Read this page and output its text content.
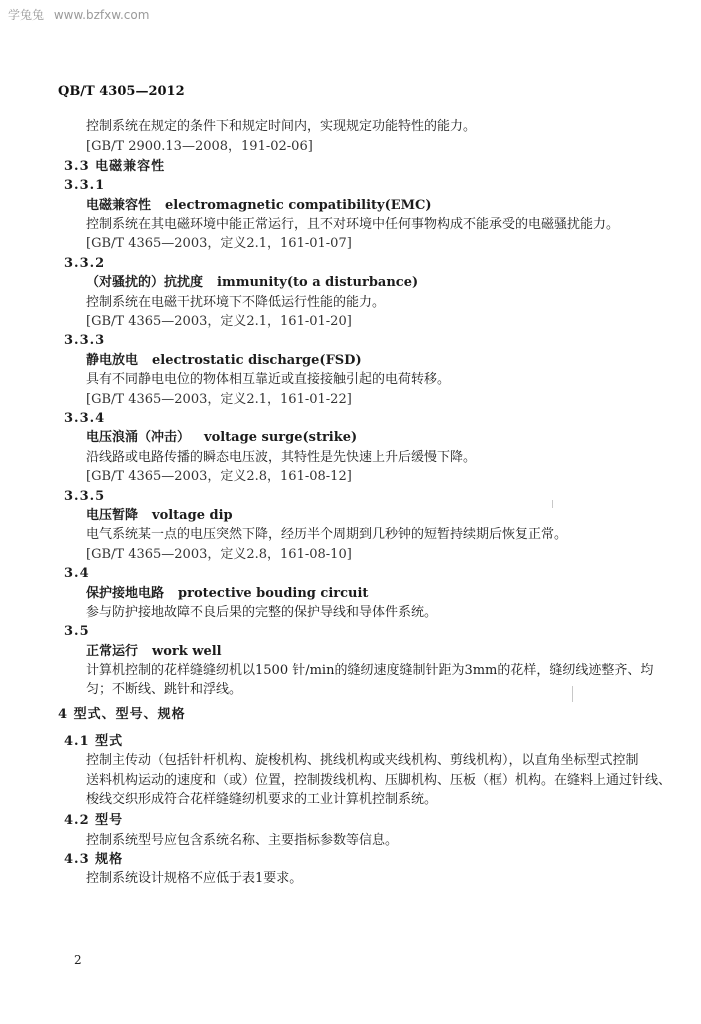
学兔兔 www.bzfxw.com
QB/T 4305—2012
控制系统在规定的条件下和规定时间内，实现规定功能特性的能力。
[GB/T 2900.13—2008，191-02-06]
3.3 电磁兼容性
3.3.1
电磁兼容性 electromagnetic compatibility(EMC)
控制系统在其电磁环境中能正常运行，且不对环境中任何事物构成不能承受的电磁骚扰能力。
[GB/T 4365—2003，定义2.1，161-01-07]
3.3.2
（对骚扰的）抗扰度 immunity(to a disturbance)
控制系统在电磁干扰环境下不降低运行性能的能力。
[GB/T 4365—2003，定义2.1，161-01-20]
3.3.3
静电放电 electrostatic discharge(FSD)
具有不同静电电位的物体相互靠近或直接接触引起的电荷转移。
[GB/T 4365—2003，定义2.1，161-01-22]
3.3.4
电压浪涌（冲击） voltage surge(strike)
沿线路或电路传播的瞬态电压波，其特性是先快速上升后缓慢下降。
[GB/T 4365—2003，定义2.8，161-08-12]
3.3.5
电压暂降 voltage dip
电气系统某一点的电压突然下降，经历半个周期到几秒钟的短暂持续期后恢复正常。
[GB/T 4365—2003，定义2.8，161-08-10]
3.4
保护接地电路 protective bouding circuit
参与防护接地故障不良后果的完整的保护导线和导体件系统。
3.5
正常运行 work well
计算机控制的花样缝缝纫机以1500 针/min的缝纫速度缝制针距为3mm的花样，缝纫线迹整齐、均
匀；不断线、跳针和浮线。
4 型式、型号、规格
4.1 型式
控制主传动（包括针杆机构、旋梭机构、挑线机构或夹线机构、剪线机构），以直角坐标型式控制
送料机构运动的速度和（或）位置，控制拨线机构、压脚机构、压板（框）机构。在缝料上通过针线、
梭线交织形成符合花样缝缝纫机要求的工业计算机控制系统。
4.2 型号
控制系统型号应包含系统名称、主要指标参数等信息。
4.3 规格
控制系统设计规格不应低于表1要求。
2
